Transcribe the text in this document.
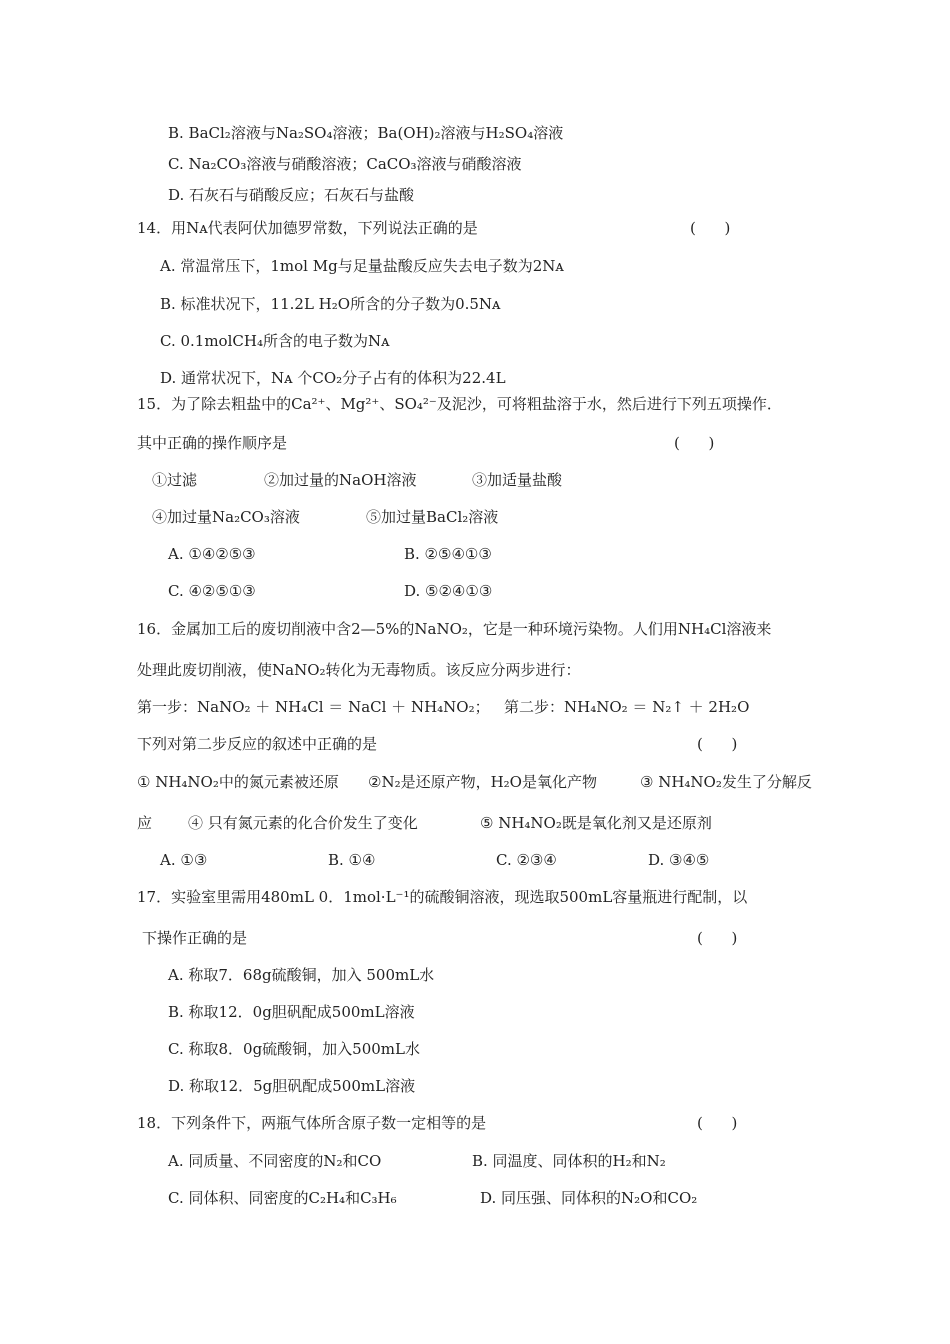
B. BaCl₂溶液与Na₂SO₄溶液；Ba(OH)₂溶液与H₂SO₄溶液
C. Na₂CO₃溶液与硝酸溶液；CaCO₃溶液与硝酸溶液
D. 石灰石与硝酸反应；石灰石与盐酸
14．用Nᴀ代表阿伏加德罗常数，下列说法正确的是	(      )
A. 常温常压下，1mol Mg与足量盐酸反应失去电子数为2Nᴀ
B. 标准状况下，11.2L H₂O所含的分子数为0.5Nᴀ
C. 0.1molCH₄所含的电子数为Nᴀ
D. 通常状况下，Nᴀ 个CO₂分子占有的体积为22.4L
15．为了除去粗盐中的Ca²⁺、Mg²⁺、SO₄²⁻及泥沙，可将粗盐溶于水，然后进行下列五项操作．
其中正确的操作顺序是	(      )
①过滤	②加过量的NaOH溶液	③加适量盐酸
④加过量Na₂CO₃溶液	⑤加过量BaCl₂溶液
A. ①④②⑤③	B. ②⑤④①③
C. ④②⑤①③	D. ⑤②④①③
16．金属加工后的废切削液中含2—5%的NaNO₂，它是一种环境污染物。人们用NH₄Cl溶液来
处理此废切削液，使NaNO₂转化为无毒物质。该反应分两步进行：
第一步：NaNO₂ ＋ NH₄Cl ＝ NaCl ＋ NH₄NO₂； 第二步：NH₄NO₂ ＝ N₂↑ ＋ 2H₂O
下列对第二步反应的叙述中正确的是	(      )
① NH₄NO₂中的氮元素被还原 ②N₂是还原产物，H₂O是氧化产物	③ NH₄NO₂发生了分解反
应 ④ 只有氮元素的化合价发生了变化	⑤ NH₄NO₂既是氧化剂又是还原剂
A. ①③	B. ①④	C. ②③④	D. ③④⑤
17．实验室里需用480mL 0．1mol·L⁻¹的硫酸铜溶液，现选取500mL容量瓶进行配制，以
下操作正确的是	(      )
A. 称取7．68g硫酸铜，加入 500mL水
B. 称取12．0g胆矾配成500mL溶液
C. 称取8．0g硫酸铜，加入500mL水
D. 称取12．5g胆矾配成500mL溶液
18．下列条件下，两瓶气体所含原子数一定相等的是	(      )
A. 同质量、不同密度的N₂和CO	B. 同温度、同体积的H₂和N₂
C. 同体积、同密度的C₂H₄和C₃H₆	D. 同压强、同体积的N₂O和CO₂
